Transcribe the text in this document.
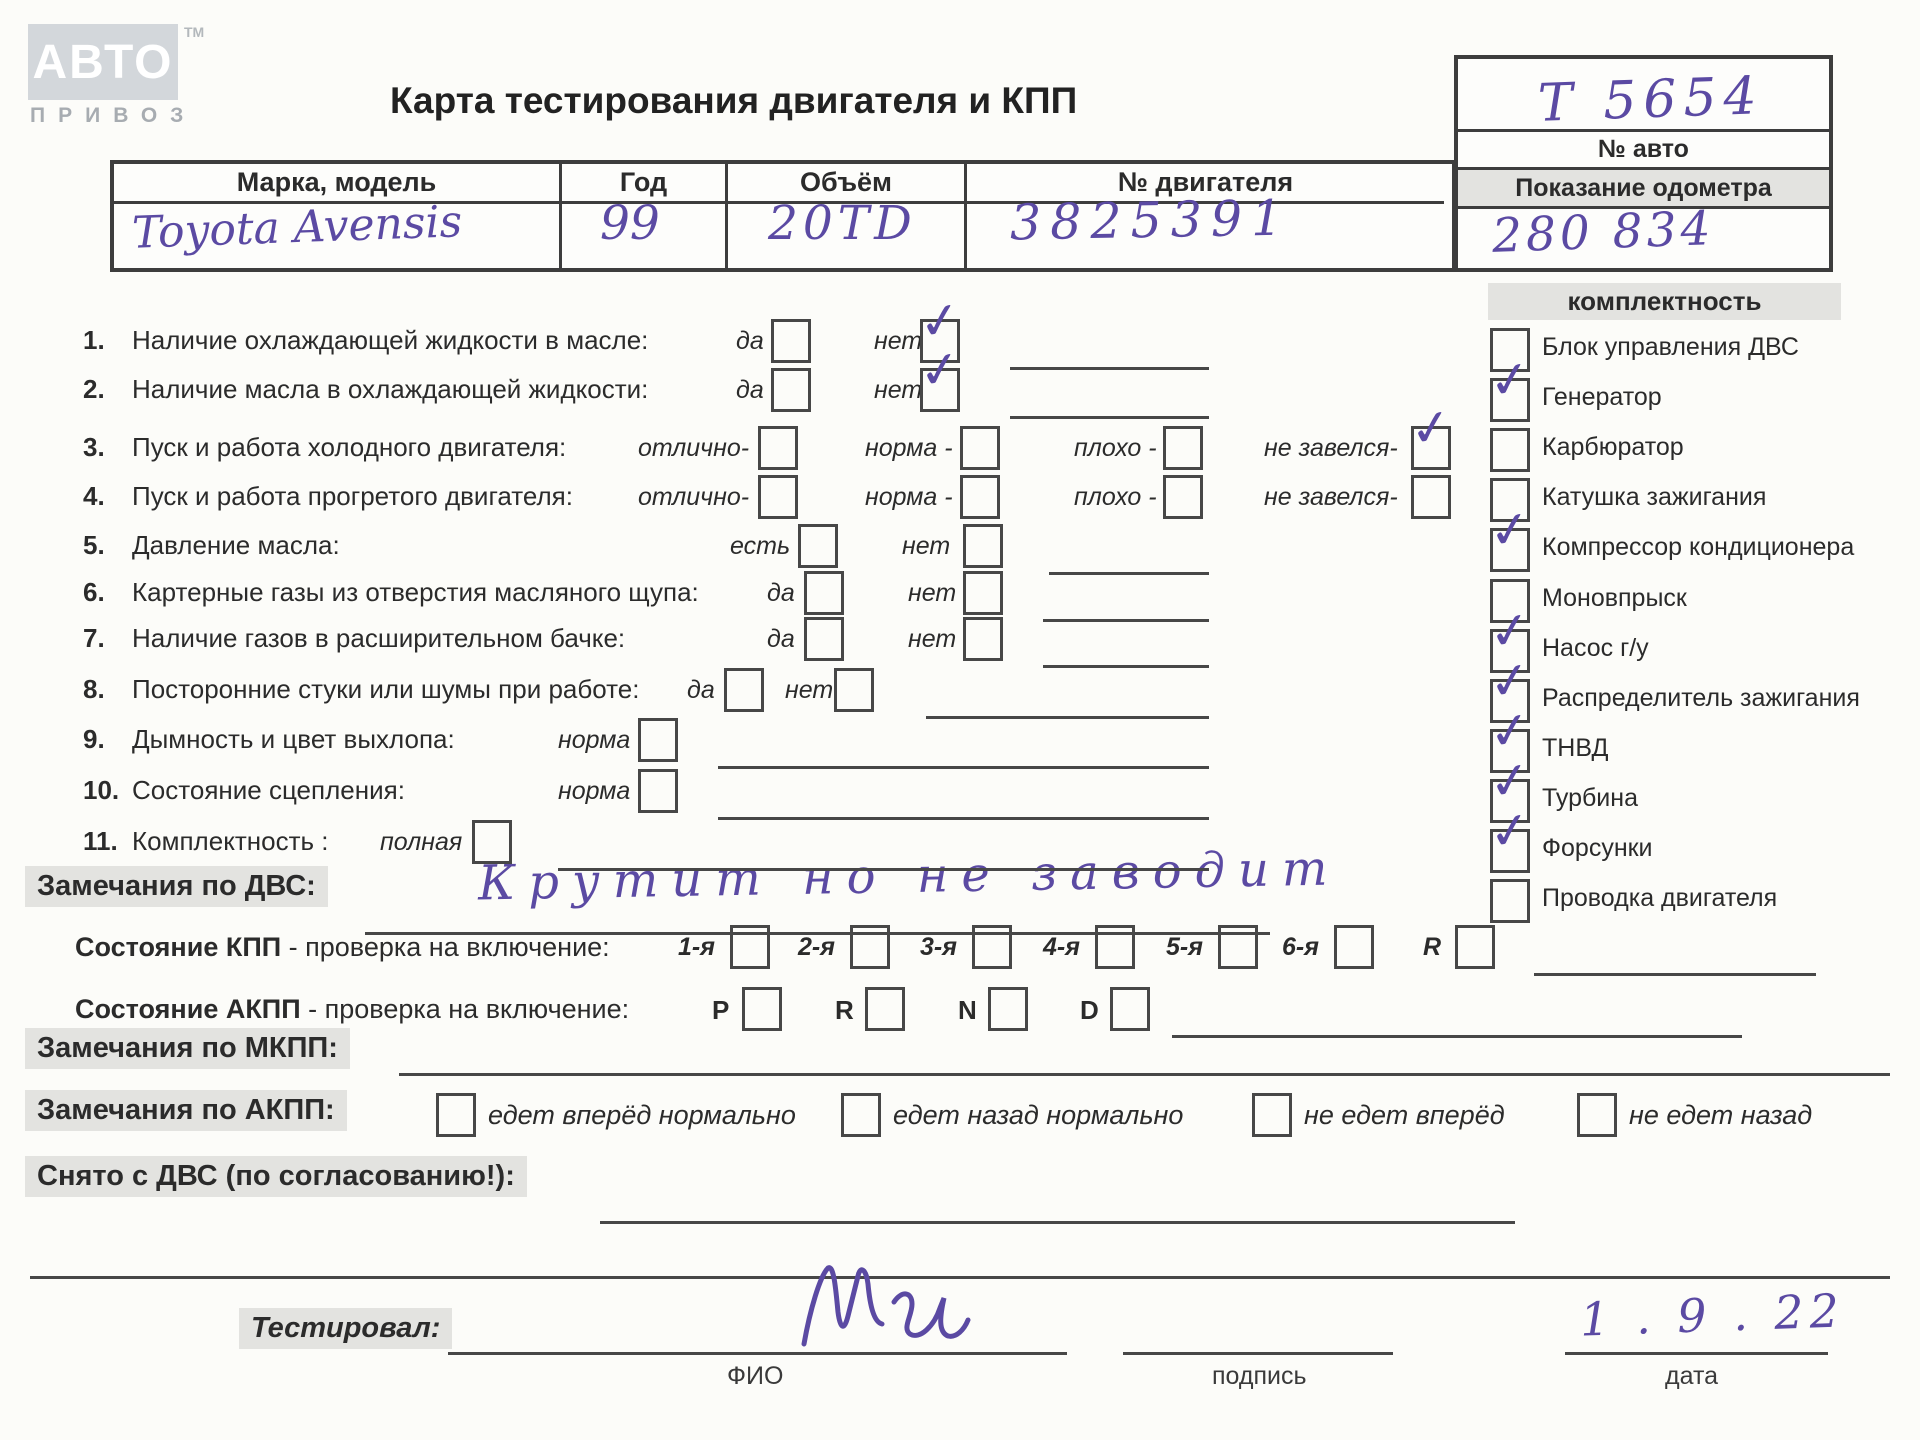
АВТО
TM
ПРИВОЗ	Карта тестирования двигателя и КПП
№ авто
Показание одометра
Т 5654
280 834
Марка, модель	Год	Объём	№ двигателя
Toyota Avensis	99 20TD 3825391
комплектность
Замечания по ДВС:	Крутит но не заводит
Состояние КПП - проверка на включение:
Состояние АКПП - проверка на включение:
Замечания по МКПП:
Замечания по АКПП:
Снято с ДВС (по согласованию!):
Тестировал:
ФИО	подпись	дата
1 . 9 . 22
1. Наличие охлаждающей жидкости в масле:	да	нет
✓
2. Наличие масла в охлаждающей жидкости:	да	нет
✓
3. Пуск и работа холодного двигателя:	отлично-	норма -	плохо -	не завелся- ✓
4. Пуск и работа прогретого двигателя:	отлично-	норма -	плохо -	не завелся-
5. Давление масла:	есть	нет
6. Картерные газы из отверстия масляного щупа:	да	нет
7. Наличие газов в расширительном бачке:	да	нет
8. Посторонние стуки или шумы при работе: да	нет
9. Дымность и цвет выхлопа:	норма
10. Состояние сцепления:	норма
11. Комплектность : полная
Блок управления ДВС
✓ Генератор
Карбюратор
Катушка зажигания
✓ Компрессор кондиционера
Моновпрыск
✓ Насос г/у
✓ Распределитель зажигания
✓ ТНВД
✓ Турбина
✓ Форсунки
Проводка двигателя
1-я	2-я	3-я	4-я	5-я	6-я	R
P	R	N	D
едет вперёд нормально	едет назад нормально	не едет вперёд	не едет назад
